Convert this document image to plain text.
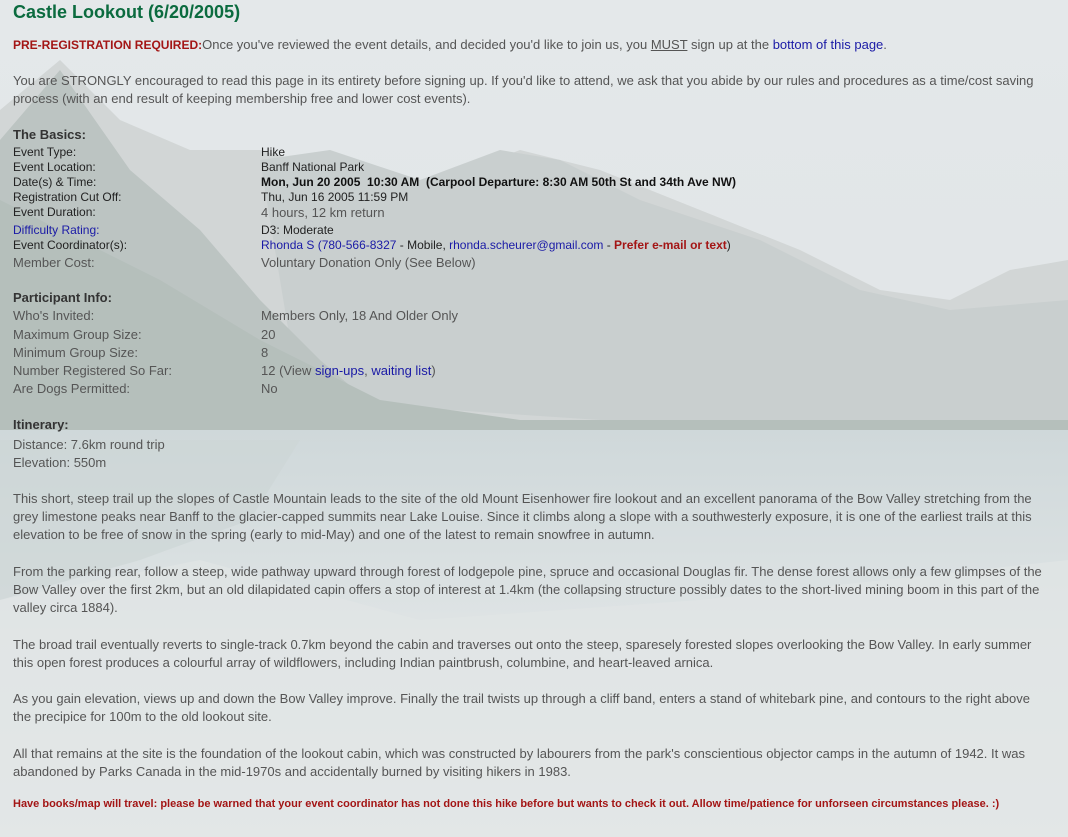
Castle Lookout (6/20/2005)

PRE-REGISTRATION REQUIRED:Once you've reviewed the event details, and decided you'd like to join us, you MUST sign up at the bottom of this page.

You are STRONGLY encouraged to read this page in its entirety before signing up. If you'd like to attend, we ask that you abide by our rules and procedures as a time/cost saving process (with an end result of keeping membership free and lower cost events).

The Basics:
Event Type:	Hike
Event Location:	Banff National Park
Date(s) & Time:	Mon, Jun 20 2005  10:30 AM  (Carpool Departure: 8:30 AM 50th St and 34th Ave NW)
Registration Cut Off:	Thu, Jun 16 2005 11:59 PM
Event Duration:	4 hours, 12 km return
Difficulty Rating:	D3: Moderate
Event Coordinator(s):	Rhonda S (780-566-8327 - Mobile, rhonda.scheurer@gmail.com - Prefer e-mail or text)
Member Cost:	Voluntary Donation Only (See Below)
Participant Info:
Who's Invited:	Members Only, 18 And Older Only
Maximum Group Size:	20
Minimum Group Size:	8
Number Registered So Far:	12 (View sign-ups, waiting list)
Are Dogs Permitted:	No
Itinerary:

Distance: 7.6km round trip

Elevation: 550m

This short, steep trail up the slopes of Castle Mountain leads to the site of the old Mount Eisenhower fire lookout and an excellent panorama of the Bow Valley stretching from the grey limestone peaks near Banff to the glacier-capped summits near Lake Louise. Since it climbs along a slope with a southwesterly exposure, it is one of the earliest trails at this elevation to be free of snow in the spring (early to mid-May) and one of the latest to remain snowfree in autumn.

From the parking rear, follow a steep, wide pathway upward through forest of lodgepole pine, spruce and occasional Douglas fir. The dense forest allows only a few glimpses of the Bow Valley over the first 2km, but an old dilapidated capin offers a stop of interest at 1.4km (the collapsing structure possibly dates to the short-lived mining boom in this part of the valley circa 1884).

The broad trail eventually reverts to single-track 0.7km beyond the cabin and traverses out onto the steep, sparesely forested slopes overlooking the Bow Valley. In early summer this open forest produces a colourful array of wildflowers, including Indian paintbrush, columbine, and heart-leaved arnica.

As you gain elevation, views up and down the Bow Valley improve. Finally the trail twists up through a cliff band, enters a stand of whitebark pine, and contours to the right above the precipice for 100m to the old lookout site.

All that remains at the site is the foundation of the lookout cabin, which was constructed by labourers from the park's conscientious objector camps in the autumn of 1942. It was abandoned by Parks Canada in the mid-1970s and accidentally burned by visiting hikers in 1983.

Have books/map will travel: please be warned that your event coordinator has not done this hike before but wants to check it out. Allow time/patience for unforseen circumstances please. :)
